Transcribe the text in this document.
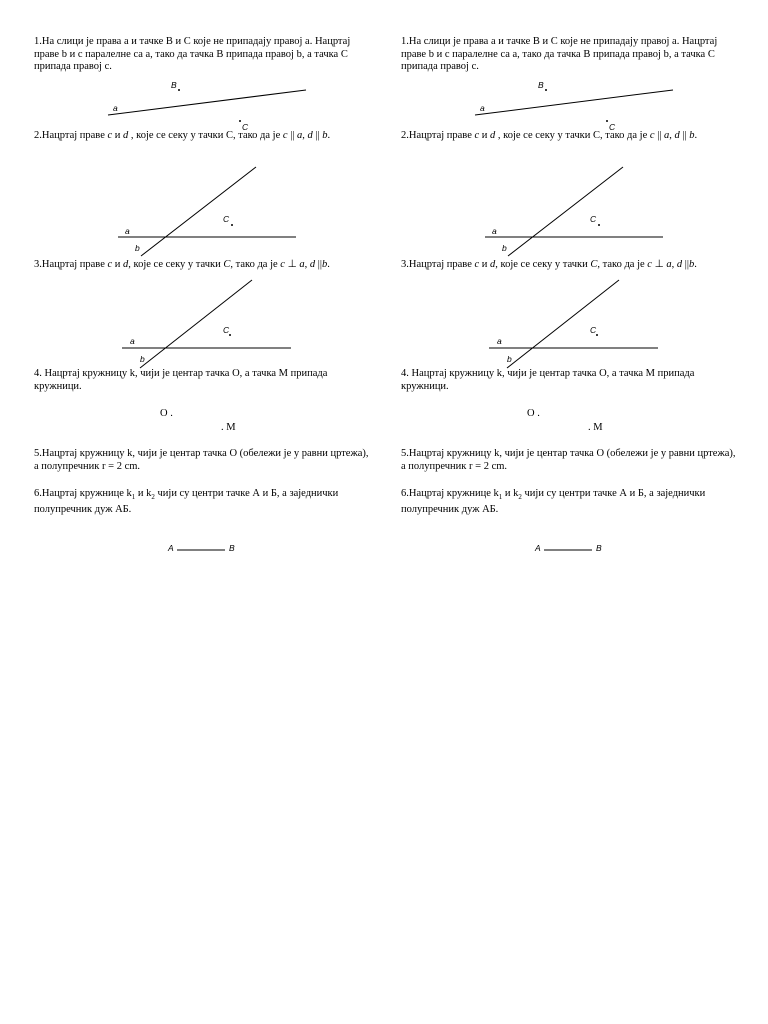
1.На слици је права а и тачке В и С које не припадају правој а. Нацртај праве b и с паралелне са а, тако да тачка В припада правој b, а тачка С припада правој с.

a
B
C

2.Нацртај праве c и d , које се секу у тачки С, тако да је c || a, d || b.

a
b
C

3.Нацртај праве c и d, које се секу у тачки C, тако да је c ⊥ a, d ||b.

a
b
C

4. Нацртај кружницу k, чији је центар тачка О, а тачка М припада кружници.

O .
. M

5.Нацртај кружницу k, чији је центар тачка О (обележи је у равни цртежа), а полупречник r = 2 cm.

6.Нацртај кружнице $k_1$ и $k_2$ чији су центри тачке А и Б, а заједнички полупречник дуж АБ.

A	B

1.На слици је права а и тачке В и С које не припадају правој а. Нацртај праве b и с паралелне са а, тако да тачка В припада правој b, а тачка С припада правој с.

a
B
C

2.Нацртај праве c и d , које се секу у тачки С, тако да је c || a, d || b.

a
b
C

3.Нацртај праве c и d, које се секу у тачки C, тако да је c ⊥ a, d ||b.

a
b
C

4. Нацртај кружницу k, чији је центар тачка О, а тачка М припада кружници.

O .
. M

5.Нацртај кружницу k, чији је центар тачка О (обележи је у равни цртежа), а полупречник r = 2 cm.

6.Нацртај кружнице $k_1$ и $k_2$ чији су центри тачке А и Б, а заједнички полупречник дуж АБ.

A	B
